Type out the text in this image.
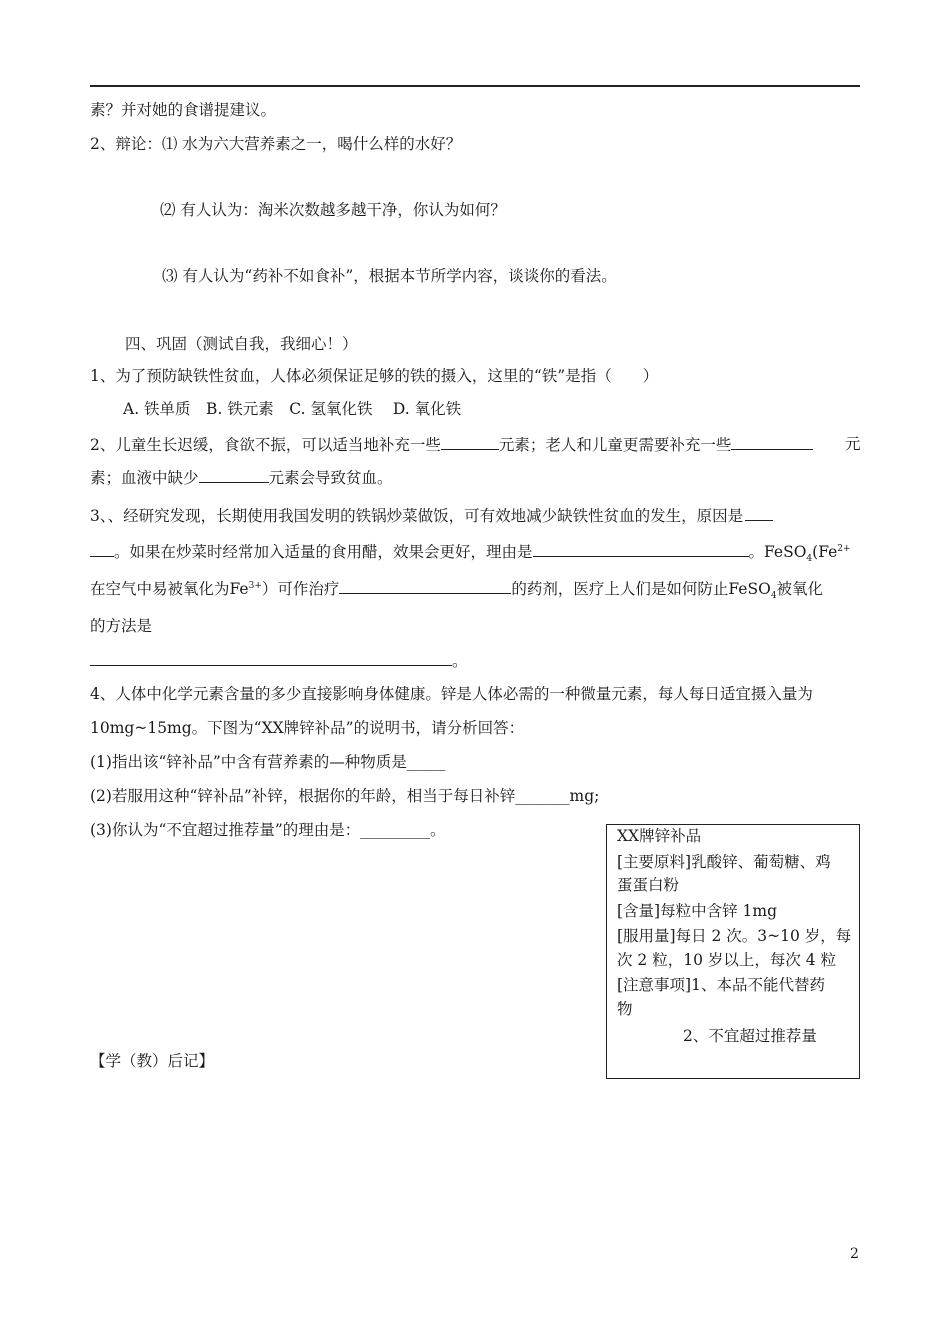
素？并对她的食谱提建议。
2、辩论：⑴ 水为六大营养素之一，喝什么样的水好？
⑵ 有人认为：淘米次数越多越干净，你认为如何？
⑶ 有人认为“药补不如食补”，根据本节所学内容，谈谈你的看法。
四、巩固（测试自我，我细心！）
1、为了预防缺铁性贫血，人体必须保证足够的铁的摄入，这里的“铁”是指（　　）
A. 铁单质　B. 铁元素　C. 氢氧化铁　 D. 氧化铁
2、儿童生长迟缓，食欲不振，可以适当地补充一些	元素；老人和儿童更需要补充一些	元
素；血液中缺少	元素会导致贫血。
3、、经研究发现，长期使用我国发明的铁锅炒菜做饭，可有效地减少缺铁性贫血的发生，原因是
。如果在炒菜时经常加入适量的食用醋，效果会更好，理由是	。$FeSO_4(Fe^{2+}$
在空气中易被氧化为$Fe^{3+}$）可作治疗	的药剂，医疗上人们是如何防止FeSO$_4$被氧化
的方法是
。
4、人体中化学元素含量的多少直接影响身体健康。锌是人体必需的一种微量元素，每人每日适宜摄入量为
10mg~15mg。下图为“XX牌锌补品”的说明书，请分析回答：
(1)指出该“锌补品”中含有营养素的—种物质是_____
(2)若服用这种“锌补品”补锌，根据你的年龄，相当于每日补锌_______mg;
(3)你认为“不宜超过推荐量”的理由是：_________。	XX牌锌补品
[主要原料]乳酸锌、葡萄糖、鸡
蛋蛋白粉
[含量]每粒中含锌 1mg
[服用量]每日 2 次。3~10 岁，每
次 2 粒，10 岁以上，每次 4 粒
[注意事项]1、本品不能代替药
物
2、不宜超过推荐量
【学（教）后记】
2
